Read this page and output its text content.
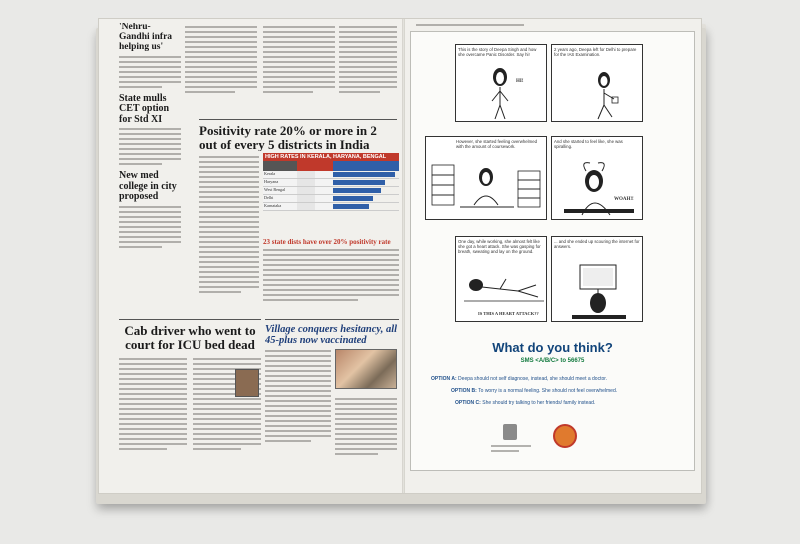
'Nehru-Gandhi infra helping us'
State mulls CET option for Std XI
New med college in city proposed
Positivity rate 20% or more in 2 out of every 5 districts in India
HIGH RATES IN KERALA, HARYANA, BENGAL
Kerala
Haryana
West Bengal
Delhi
Karnataka
23 state dists have over 20% positivity rate
Cab driver who went to court for ICU bed dead
Village conquers hesitancy, all 45-plus now vaccinated
This is the story of Deepa Singh and how she overcame Panic Disorder. Say hi!
HI!
2 years ago, Deepa left for Delhi to prepare for the IAS Examination.
However, she started feeling overwhelmed with the amount of coursework.
And she started to feel like, she was spiralling.
WOAH!!
One day, while working, she almost felt like she got a heart attack. She was gasping for breath, sweating and lay on the ground.
IS THIS A HEART ATTACK??
... and she ended up scouring the internet for answers.
What do you think?
SMS <A/B/C> to 56675
OPTION A: Deepa should not self diagnose, instead, she should meet a doctor.
OPTION B: To worry is a normal feeling. She should not feel overwhelmed.
OPTION C: She should try talking to her friends/ family instead.
